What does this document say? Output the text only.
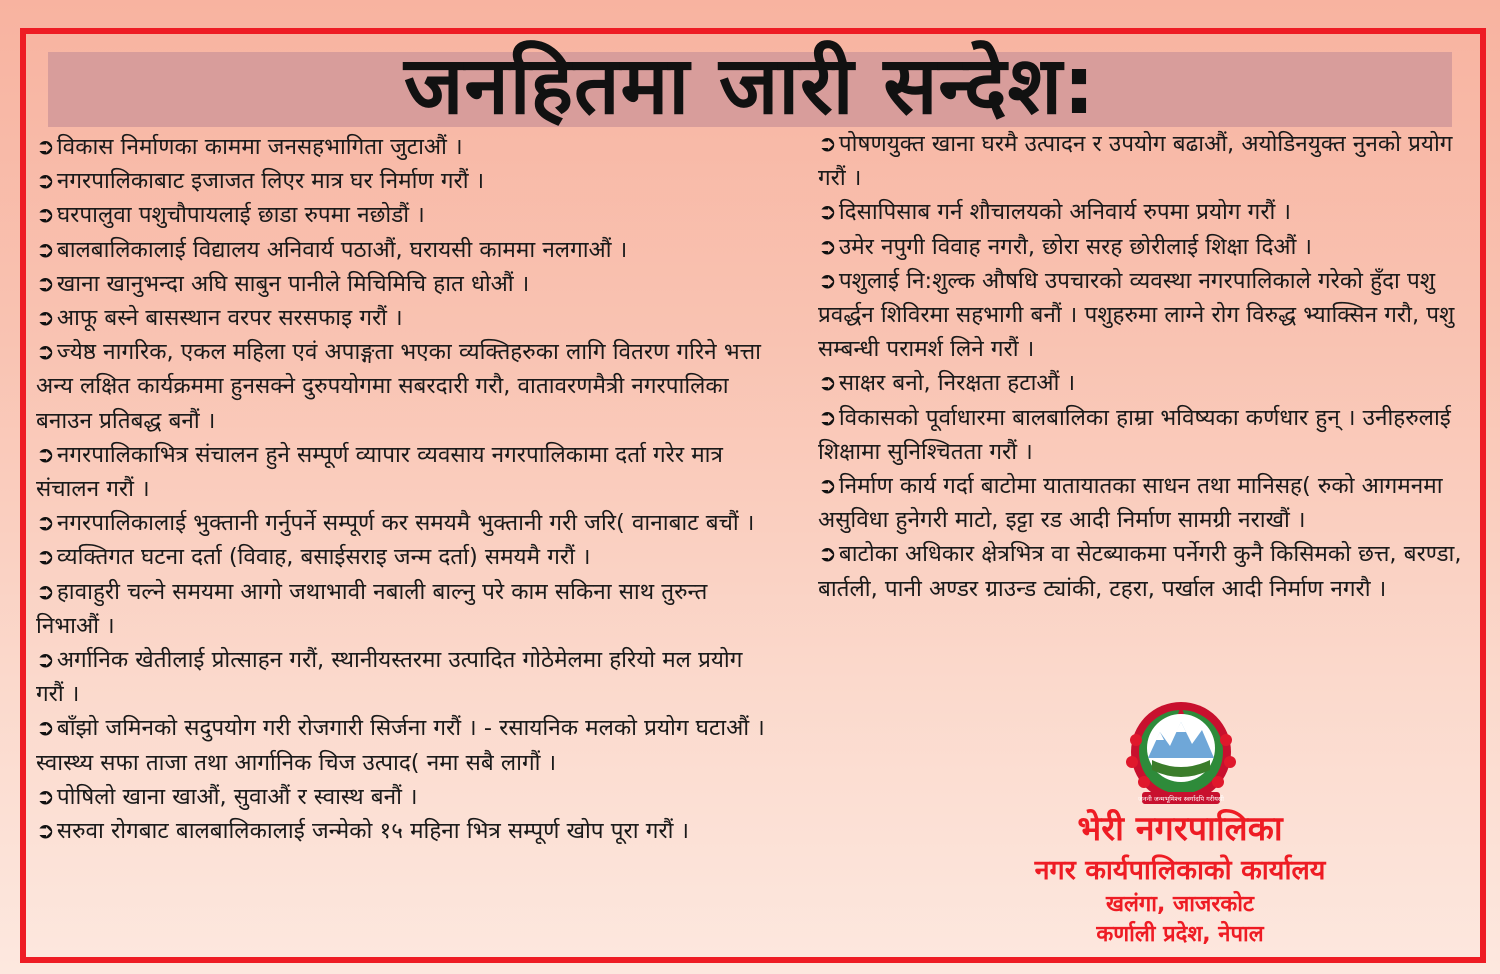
जनहितमा जारी सन्देश:

➲विकास निर्माणका काममा जनसहभागिता जुटाऔं ।

➲नगरपालिकाबाट इजाजत लिएर मात्र घर निर्माण गरौं ।

➲घरपालुवा पशुचौपायलाई छाडा रुपमा नछोडौं ।

➲बालबालिकालाई विद्यालय अनिवार्य पठाऔं, घरायसी काममा नलगाऔं ।

➲खाना खानुभन्दा अघि साबुन पानीले मिचिमिचि हात धोऔं ।

➲आफू बस्ने बासस्थान वरपर सरसफाइ गरौं ।

➲ज्येष्ठ नागरिक, एकल महिला एवं अपाङ्गता भएका व्यक्तिहरुका लागि वितरण गरिने भत्ता अन्य लक्षित कार्यक्रममा हुनसक्ने दुरुपयोगमा सबरदारी गरौ, वातावरणमैत्री नगरपालिका बनाउन प्रतिबद्ध बनौं ।

➲नगरपालिकाभित्र संचालन हुने सम्पूर्ण व्यापार व्यवसाय नगरपालिकामा दर्ता गरेर मात्र संचालन गरौं ।

➲नगरपालिकालाई भुक्तानी गर्नुपर्ने सम्पूर्ण कर समयमै भुक्तानी गरी जरि( वानाबाट बचौं ।

➲व्यक्तिगत घटना दर्ता (विवाह, बसाईसराइ जन्म दर्ता) समयमै गरौं ।

➲हावाहुरी चल्ने समयमा आगो जथाभावी नबाली बाल्नु परे काम सकिना साथ तुरुन्त निभाऔं ।

➲अर्गानिक खेतीलाई प्रोत्साहन गरौं, स्थानीयस्तरमा उत्पादित गोठेमेलमा हरियो मल प्रयोग गरौं ।

➲बाँझो जमिनको सदुपयोग गरी रोजगारी सिर्जना गरौं । - रसायनिक मलको प्रयोग घटाऔं । स्वास्थ्य सफा ताजा तथा आर्गानिक चिज उत्पाद( नमा सबै लागौं ।

➲पोषिलो खाना खाऔं, सुवाऔं र स्वास्थ बनौं ।

➲सरुवा रोगबाट बालबालिकालाई जन्मेको १५ महिना भित्र सम्पूर्ण खोप पूरा गरौं ।

➲पोषणयुक्त खाना घरमै उत्पादन र उपयोग बढाऔं, अयोडिनयुक्त नुनको प्रयोग गरौं ।

➲दिसापिसाब गर्न शौचालयको अनिवार्य रुपमा प्रयोग गरौं ।

➲उमेर नपुगी विवाह नगरौ, छोरा सरह छोरीलाई शिक्षा दिऔं ।

➲पशुलाई नि:शुल्क औषधि उपचारको व्यवस्था नगरपालिकाले गरेको हुँदा पशु प्रवर्द्धन शिविरमा सहभागी बनौं । पशुहरुमा लाग्ने रोग विरुद्ध भ्याक्सिन गरौ, पशु सम्बन्धी परामर्श लिने गरौं ।

➲साक्षर बनो, निरक्षता हटाऔं ।

➲विकासको पूर्वाधारमा बालबालिका हाम्रा भविष्यका कर्णधार हुन् । उनीहरुलाई शिक्षामा सुनिश्चितता गरौं ।

➲निर्माण कार्य गर्दा बाटोमा यातायातका साधन तथा मानिसह( रुको आगमनमा असुविधा हुनेगरी माटो, इट्टा रड आदी निर्माण सामग्री नराखौं ।

➲बाटोका अधिकार क्षेत्रभित्र वा सेटब्याकमा पर्नेगरी कुनै किसिमको छत्त, बरण्डा, बार्तली, पानी अण्डर ग्राउन्ड ट्यांकी, टहरा, पर्खाल आदी निर्माण नगरौ ।

जननी जन्मभूमिश्च स्वर्गादपि गरीयसी
भेरी नगरपालिका
नगर कार्यपालिकाको कार्यालय
खलंगा, जाजरकोट
कर्णाली प्रदेश, नेपाल
